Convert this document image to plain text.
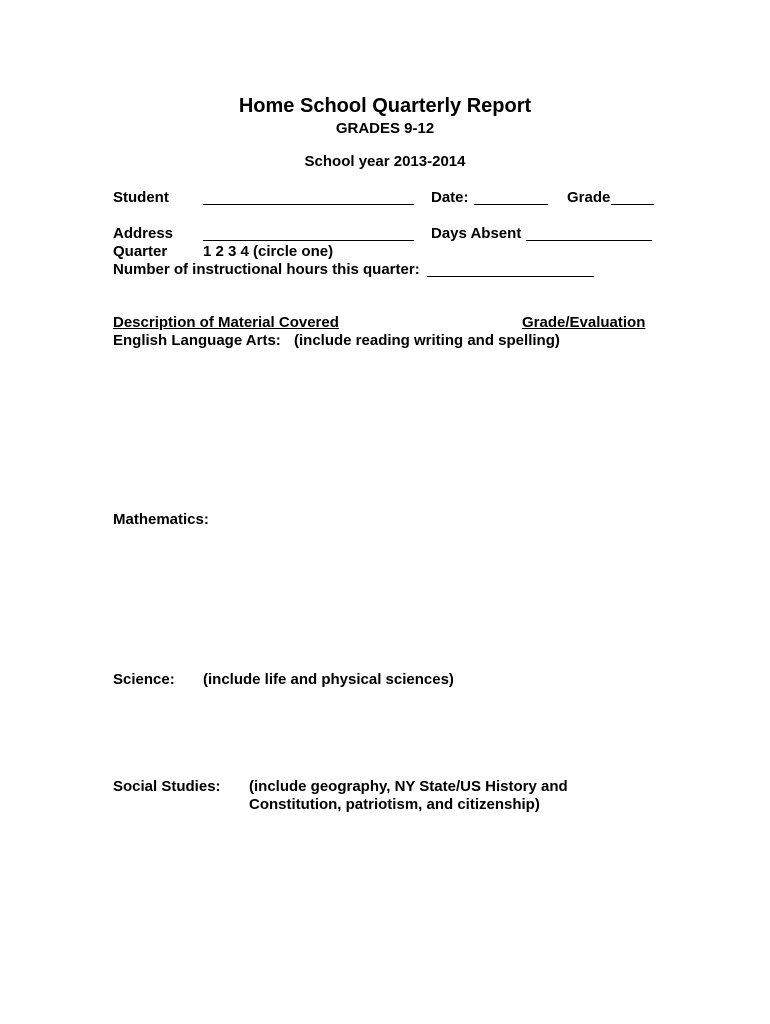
Home School Quarterly Report
GRADES 9-12
School year 2013-2014
Student	Date:	Grade
Address	Days Absent
Quarter 1 2 3 4 (circle one)
Number of instructional hours this quarter:
Description of Material Covered	Grade/Evaluation
English Language Arts: (include reading writing and spelling)
Mathematics:
Science: (include life and physical sciences)
Social Studies: (include geography, NY State/US History and
Constitution, patriotism, and citizenship)
